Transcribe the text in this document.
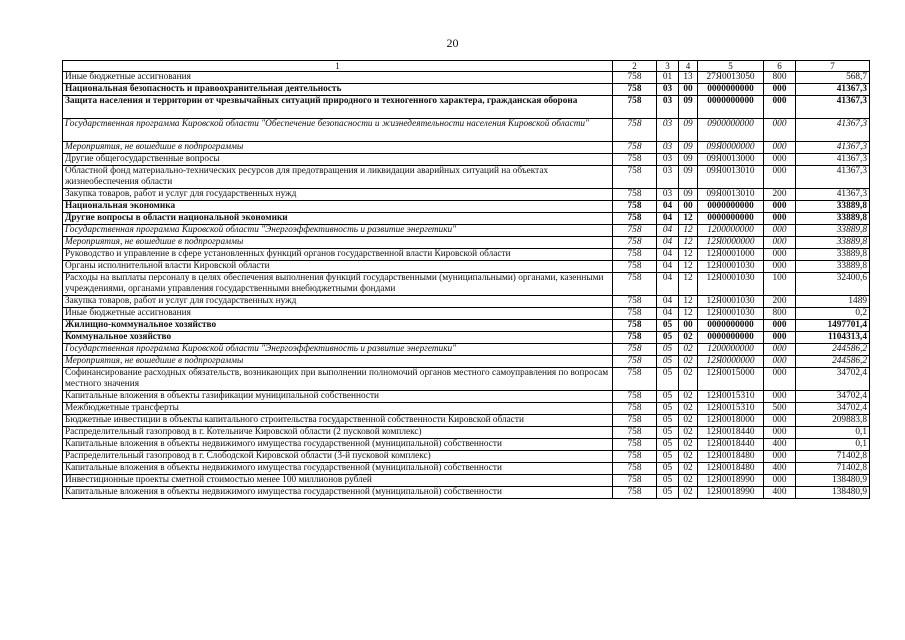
20
1	2	3	4	5	6	7
Иные бюджетные ассигнования	758	01	13	27Я0013050	800	568,7
Национальная безопасность и правоохранительная деятельность	758	03	00	0000000000	000	41367,3
Защита населения и территории от чрезвычайных ситуаций природного и техногенного характера, гражданская оборона	758	03	09	0000000000	000	41367,3
Государственная программа Кировской области "Обеспечение безопасности и жизнедеятельности населения Кировской области"	758	03	09	0900000000	000	41367,3
Мероприятия, не вошедшие в подпрограммы	758	03	09	09Я0000000	000	41367,3
Другие общегосударственные вопросы	758	03	09	09Я0013000	000	41367,3
Областной фонд материально-технических ресурсов для предотвращения и ликвидации аварийных ситуаций на объектах жизнеобеспечения области	758	03	09	09Я0013010	000	41367,3
Закупка товаров, работ и услуг для государственных нужд	758	03	09	09Я0013010	200	41367,3
Национальная экономика	758	04	00	0000000000	000	33889,8
Другие вопросы в области национальной экономики	758	04	12	0000000000	000	33889,8
Государственная программа Кировской области "Энергоэффективность и развитие энергетики"	758	04	12	1200000000	000	33889,8
Мероприятия, не вошедшие в подпрограммы	758	04	12	12Я0000000	000	33889,8
Руководство и управление в сфере установленных функций органов государственной власти Кировской области	758	04	12	12Я0001000	000	33889,8
Органы исполнительной власти Кировской области	758	04	12	12Я0001030	000	33889,8
Расходы на выплаты персоналу в целях обеспечения выполнения функций государственными (муниципальными) органами, казенными учреждениями, органами управления государственными внебюджетными фондами	758	04	12	12Я0001030	100	32400,6
Закупка товаров, работ и услуг для государственных нужд	758	04	12	12Я0001030	200	1489
Иные бюджетные ассигнования	758	04	12	12Я0001030	800	0,2
Жилищно-коммунальное хозяйство	758	05	00	0000000000	000	1497701,4
Коммунальное хозяйство	758	05	02	0000000000	000	1104313,4
Государственная программа Кировской области "Энергоэффективность и развитие энергетики"	758	05	02	1200000000	000	244586,2
Мероприятия, не вошедшие в подпрограммы	758	05	02	12Я0000000	000	244586,2
Софинансирование расходных обязательств, возникающих при выполнении полномочий органов местного самоуправления по вопросам местного значения	758	05	02	12Я0015000	000	34702,4
Капитальные вложения в объекты газификации муниципальной собственности	758	05	02	12Я0015310	000	34702,4
Межбюджетные трансферты	758	05	02	12Я0015310	500	34702,4
Бюджетные инвестиции в объекты капитального строительства государственной собственности Кировской области	758	05	02	12Я0018000	000	209883,8
Распределительный газопровод в г. Котельниче Кировской области (2 пусковой комплекс)	758	05	02	12Я0018440	000	0,1
Капитальные вложения в объекты недвижимого имущества государственной (муниципальной) собственности	758	05	02	12Я0018440	400	0,1
Распределительный газопровод в г. Слободской Кировской области (3-й пусковой комплекс)	758	05	02	12Я0018480	000	71402,8
Капитальные вложения в объекты недвижимого имущества государственной (муниципальной) собственности	758	05	02	12Я0018480	400	71402,8
Инвестиционные проекты сметной стоимостью менее 100 миллионов рублей	758	05	02	12Я0018990	000	138480,9
Капитальные вложения в объекты недвижимого имущества государственной (муниципальной) собственности	758	05	02	12Я0018990	400	138480,9
